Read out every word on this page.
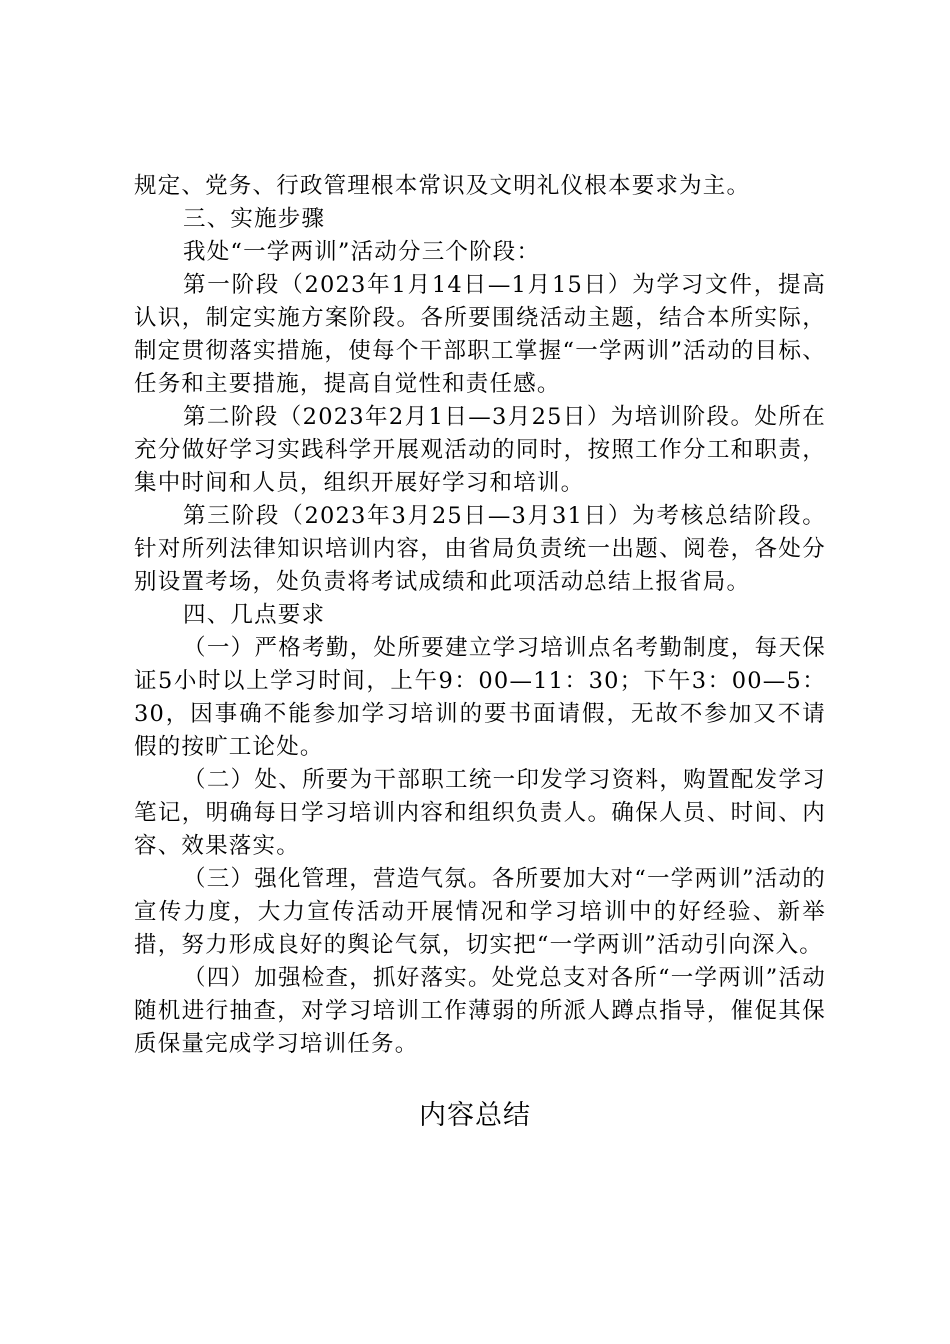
规定、党务、行政管理根本常识及文明礼仪根本要求为主。

三、实施步骤

我处“一学两训”活动分三个阶段：

第一阶段（2023年1月14日—1月15日）为学习文件，提高认识，制定实施方案阶段。各所要围绕活动主题，结合本所实际，制定贯彻落实措施，使每个干部职工掌握“一学两训”活动的目标、任务和主要措施，提高自觉性和责任感。

第二阶段（2023年2月1日—3月25日）为培训阶段。处所在充分做好学习实践科学开展观活动的同时，按照工作分工和职责，集中时间和人员，组织开展好学习和培训。

第三阶段（2023年3月25日—3月31日）为考核总结阶段。针对所列法律知识培训内容，由省局负责统一出题、阅卷，各处分别设置考场，处负责将考试成绩和此项活动总结上报省局。

四、几点要求

（一）严格考勤，处所要建立学习培训点名考勤制度，每天保证5小时以上学习时间，上午9：00—11：30；下午3：00—5：30，因事确不能参加学习培训的要书面请假，无故不参加又不请假的按旷工论处。

（二）处、所要为干部职工统一印发学习资料，购置配发学习笔记，明确每日学习培训内容和组织负责人。确保人员、时间、内容、效果落实。

（三）强化管理，营造气氛。各所要加大对“一学两训”活动的宣传力度，大力宣传活动开展情况和学习培训中的好经验、新举措，努力形成良好的舆论气氛，切实把“一学两训”活动引向深入。

（四）加强检查，抓好落实。处党总支对各所“一学两训”活动随机进行抽查，对学习培训工作薄弱的所派人蹲点指导，催促其保质保量完成学习培训任务。

内容总结
